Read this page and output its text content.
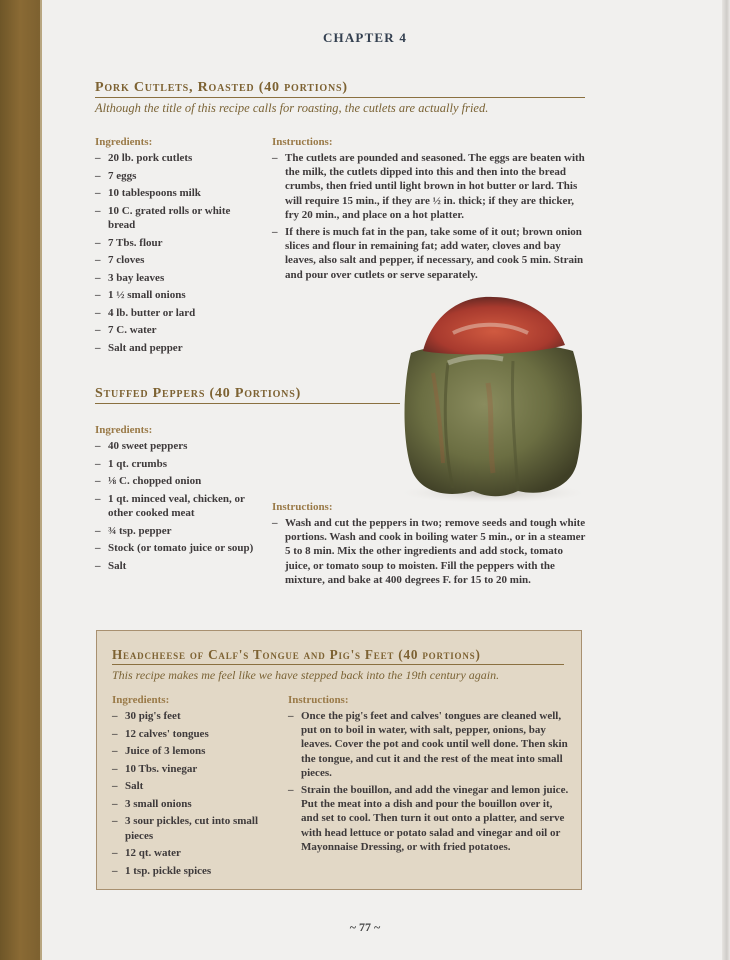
CHAPTER 4
Pork Cutlets, Roasted (40 portions)
Although the title of this recipe calls for roasting, the cutlets are actually fried.
Ingredients:
– 20 lb. pork cutlets
– 7 eggs
– 10 tablespoons milk
– 10 C. grated rolls or white bread
– 7 Tbs. flour
– 7 cloves
– 3 bay leaves
– 1 ½ small onions
– 4 lb. butter or lard
– 7 C. water
– Salt and pepper
Instructions:
– The cutlets are pounded and seasoned. The eggs are beaten with the milk, the cutlets dipped into this and then into the bread crumbs, then fried until light brown in hot butter or lard. This will require 15 min., if they are ½ in. thick; if they are thicker, fry 20 min., and place on a hot platter.
– If there is much fat in the pan, take some of it out; brown onion slices and flour in remaining fat; add water, cloves and bay leaves, also salt and pepper, if necessary, and cook 5 min. Strain and pour over cutlets or serve separately.
Stuffed Peppers (40 Portions)
Ingredients:
– 40 sweet peppers
– 1 qt. crumbs
– ⅛ C. chopped onion
– 1 qt. minced veal, chicken, or other cooked meat
– ¾ tsp. pepper
– Stock (or tomato juice or soup)
– Salt
Instructions:
– Wash and cut the peppers in two; remove seeds and tough white portions. Wash and cook in boiling water 5 min., or in a steamer 5 to 8 min. Mix the other ingredients and add stock, tomato juice, or tomato soup to moisten. Fill the peppers with the mixture, and bake at 400 degrees F. for 15 to 20 min.
Headcheese of Calf's Tongue and Pig's Feet (40 portions)
This recipe makes me feel like we have stepped back into the 19th century again.
Ingredients:
– 30 pig's feet
– 12 calves' tongues
– Juice of 3 lemons
– 10 Tbs. vinegar
– Salt
– 3 small onions
– 3 sour pickles, cut into small pieces
– 12 qt. water
– 1 tsp. pickle spices
Instructions:
– Once the pig's feet and calves' tongues are cleaned well, put on to boil in water, with salt, pepper, onions, bay leaves. Cover the pot and cook until well done. Then skin the tongue, and cut it and the rest of the meat into small pieces.
– Strain the bouillon, and add the vinegar and lemon juice. Put the meat into a dish and pour the bouillon over it, and set to cool. Then turn it out onto a platter, and serve with head lettuce or potato salad and vinegar and oil or Mayonnaise Dressing, or with fried potatoes.
~ 77 ~
